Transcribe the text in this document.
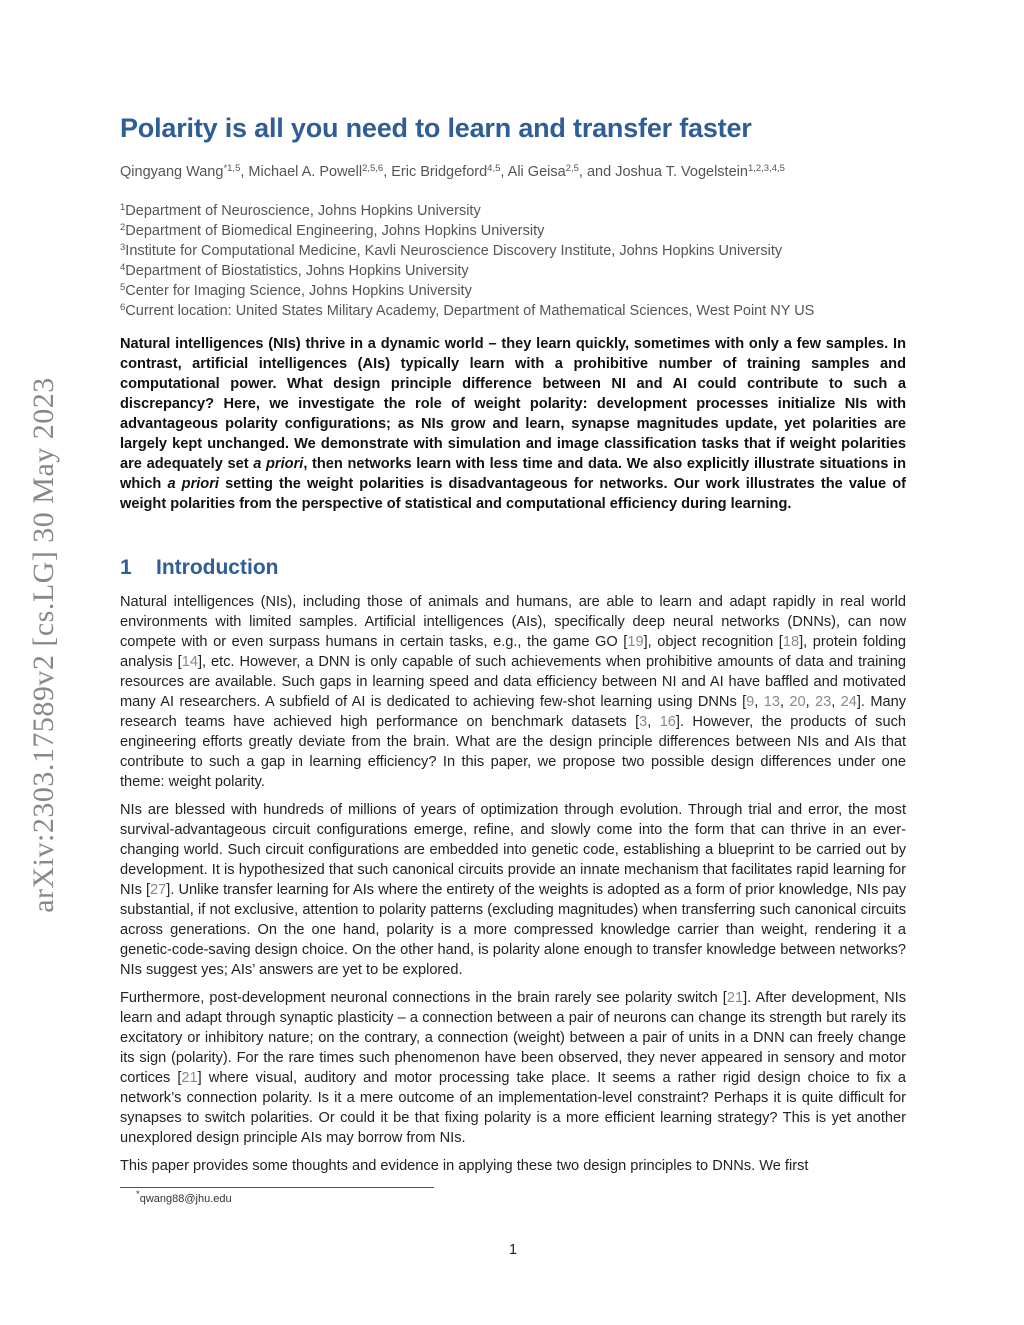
arXiv:2303.17589v2 [cs.LG] 30 May 2023
Polarity is all you need to learn and transfer faster
Qingyang Wang$^{*1,5}$, Michael A. Powell$^{2,5,6}$, Eric Bridgeford$^{4,5}$, Ali Geisa$^{2,5}$, and Joshua T. Vogelstein$^{1,2,3,4,5}$
$^1$Department of Neuroscience, Johns Hopkins University
$^2$Department of Biomedical Engineering, Johns Hopkins University
$^3$Institute for Computational Medicine, Kavli Neuroscience Discovery Institute, Johns Hopkins University
$^4$Department of Biostatistics, Johns Hopkins University
$^5$Center for Imaging Science, Johns Hopkins University
$^6$Current location: United States Military Academy, Department of Mathematical Sciences, West Point NY US

Natural intelligences (NIs) thrive in a dynamic world – they learn quickly, sometimes with only a few samples. In contrast, artificial intelligences (AIs) typically learn with a prohibitive number of training samples and computational power. What design principle difference between NI and AI could contribute to such a discrepancy? Here, we investigate the role of weight polarity: development processes initialize NIs with advantageous polarity configurations; as NIs grow and learn, synapse magnitudes update, yet polarities are largely kept unchanged. We demonstrate with simulation and image classification tasks that if weight polarities are adequately set a priori, then networks learn with less time and data. We also explicitly illustrate situations in which a priori setting the weight polarities is disadvantageous for networks. Our work illustrates the value of weight polarities from the perspective of statistical and computational efficiency during learning.

1 Introduction

Natural intelligences (NIs), including those of animals and humans, are able to learn and adapt rapidly in real world environments with limited samples. Artificial intelligences (AIs), specifically deep neural networks (DNNs), can now compete with or even surpass humans in certain tasks, e.g., the game GO [19], object recognition [18], protein folding analysis [14], etc. However, a DNN is only capable of such achievements when prohibitive amounts of data and training resources are available. Such gaps in learning speed and data efficiency between NI and AI have baffled and motivated many AI researchers. A subfield of AI is dedicated to achieving few-shot learning using DNNs [9, 13, 20, 23, 24]. Many research teams have achieved high performance on benchmark datasets [3, 16]. However, the products of such engineering efforts greatly deviate from the brain. What are the design principle differences between NIs and AIs that contribute to such a gap in learning efficiency? In this paper, we propose two possible design differences under one theme: weight polarity.

NIs are blessed with hundreds of millions of years of optimization through evolution. Through trial and error, the most survival-advantageous circuit configurations emerge, refine, and slowly come into the form that can thrive in an ever-changing world. Such circuit configurations are embedded into genetic code, establishing a blueprint to be carried out by development. It is hypothesized that such canonical circuits provide an innate mechanism that facilitates rapid learning for NIs [27]. Unlike transfer learning for AIs where the entirety of the weights is adopted as a form of prior knowledge, NIs pay substantial, if not exclusive, attention to polarity patterns (excluding magnitudes) when transferring such canonical circuits across generations. On the one hand, polarity is a more compressed knowledge carrier than weight, rendering it a genetic-code-saving design choice. On the other hand, is polarity alone enough to transfer knowledge between networks? NIs suggest yes; AIs’ answers are yet to be explored.

Furthermore, post-development neuronal connections in the brain rarely see polarity switch [21]. After development, NIs learn and adapt through synaptic plasticity – a connection between a pair of neurons can change its strength but rarely its excitatory or inhibitory nature; on the contrary, a connection (weight) between a pair of units in a DNN can freely change its sign (polarity). For the rare times such phenomenon have been observed, they never appeared in sensory and motor cortices [21] where visual, auditory and motor processing take place. It seems a rather rigid design choice to fix a network’s connection polarity. Is it a mere outcome of an implementation-level constraint? Perhaps it is quite difficult for synapses to switch polarities. Or could it be that fixing polarity is a more efficient learning strategy? This is yet another unexplored design principle AIs may borrow from NIs.

This paper provides some thoughts and evidence in applying these two design principles to DNNs. We first

*qwang88@jhu.edu
1
